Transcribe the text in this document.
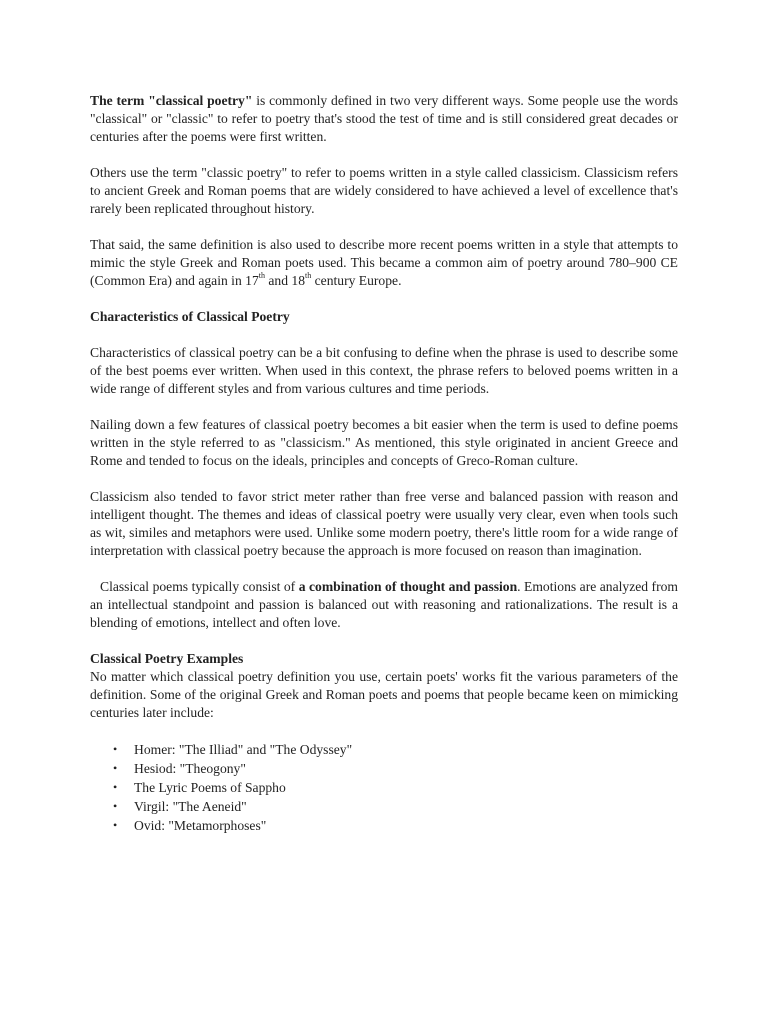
The term "classical poetry" is commonly defined in two very different ways. Some people use the words "classical" or "classic" to refer to poetry that's stood the test of time and is still considered great decades or centuries after the poems were first written.

Others use the term "classic poetry" to refer to poems written in a style called classicism. Classicism refers to ancient Greek and Roman poems that are widely considered to have achieved a level of excellence that's rarely been replicated throughout history.

That said, the same definition is also used to describe more recent poems written in a style that attempts to mimic the style Greek and Roman poets used. This became a common aim of poetry around 780–900 CE (Common Era) and again in 17th and 18th century Europe.

Characteristics of Classical Poetry

Characteristics of classical poetry can be a bit confusing to define when the phrase is used to describe some of the best poems ever written. When used in this context, the phrase refers to beloved poems written in a wide range of different styles and from various cultures and time periods.

Nailing down a few features of classical poetry becomes a bit easier when the term is used to define poems written in the style referred to as "classicism." As mentioned, this style originated in ancient Greece and Rome and tended to focus on the ideals, principles and concepts of Greco-Roman culture.

Classicism also tended to favor strict meter rather than free verse and balanced passion with reason and intelligent thought. The themes and ideas of classical poetry were usually very clear, even when tools such as wit, similes and metaphors were used. Unlike some modern poetry, there's little room for a wide range of interpretation with classical poetry because the approach is more focused on reason than imagination.

Classical poems typically consist of a combination of thought and passion. Emotions are analyzed from an intellectual standpoint and passion is balanced out with reasoning and rationalizations. The result is a blending of emotions, intellect and often love.

Classical Poetry Examples

No matter which classical poetry definition you use, certain poets' works fit the various parameters of the definition. Some of the original Greek and Roman poets and poems that people became keen on mimicking centuries later include:

• Homer: "The Illiad" and "The Odyssey"
• Hesiod: "Theogony"
• The Lyric Poems of Sappho
• Virgil: "The Aeneid"
• Ovid: "Metamorphoses"
